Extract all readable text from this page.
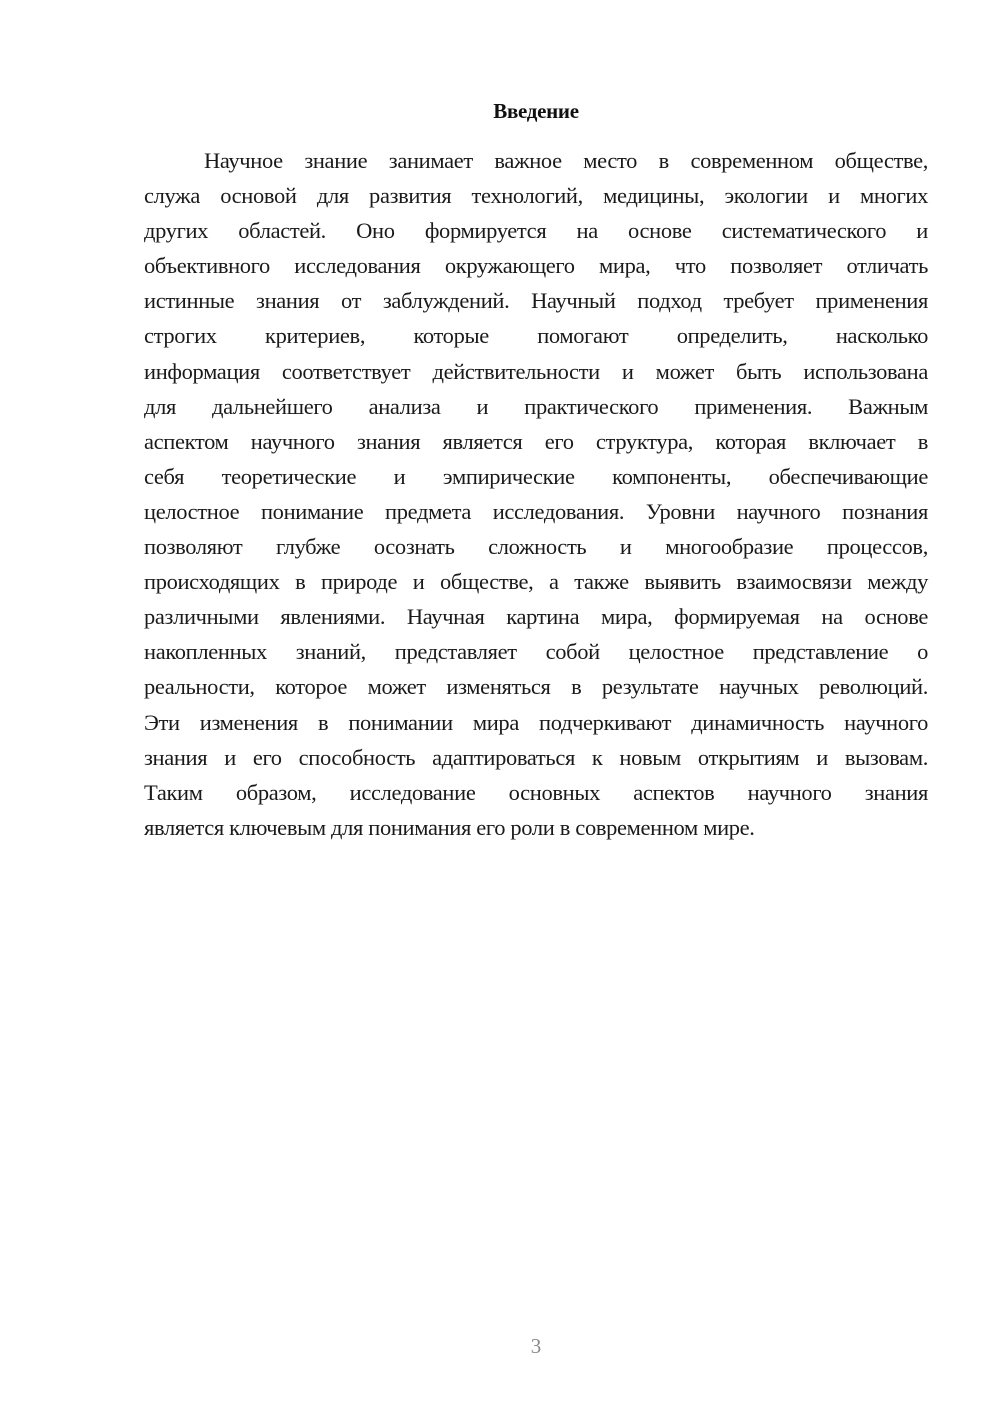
Введение
Научное знание занимает важное место в современном обществе,
служа основой для развития технологий, медицины, экологии и многих
других областей. Оно формируется на основе систематического и
объективного исследования окружающего мира, что позволяет отличать
истинные знания от заблуждений. Научный подход требует применения
строгих критериев, которые помогают определить, насколько
информация соответствует действительности и может быть использована
для дальнейшего анализа и практического применения. Важным
аспектом научного знания является его структура, которая включает в
себя теоретические и эмпирические компоненты, обеспечивающие
целостное понимание предмета исследования. Уровни научного познания
позволяют глубже осознать сложность и многообразие процессов,
происходящих в природе и обществе, а также выявить взаимосвязи между
различными явлениями. Научная картина мира, формируемая на основе
накопленных знаний, представляет собой целостное представление о
реальности, которое может изменяться в результате научных революций.
Эти изменения в понимании мира подчеркивают динамичность научного
знания и его способность адаптироваться к новым открытиям и вызовам.
Таким образом, исследование основных аспектов научного знания
является ключевым для понимания его роли в современном мире.
3
